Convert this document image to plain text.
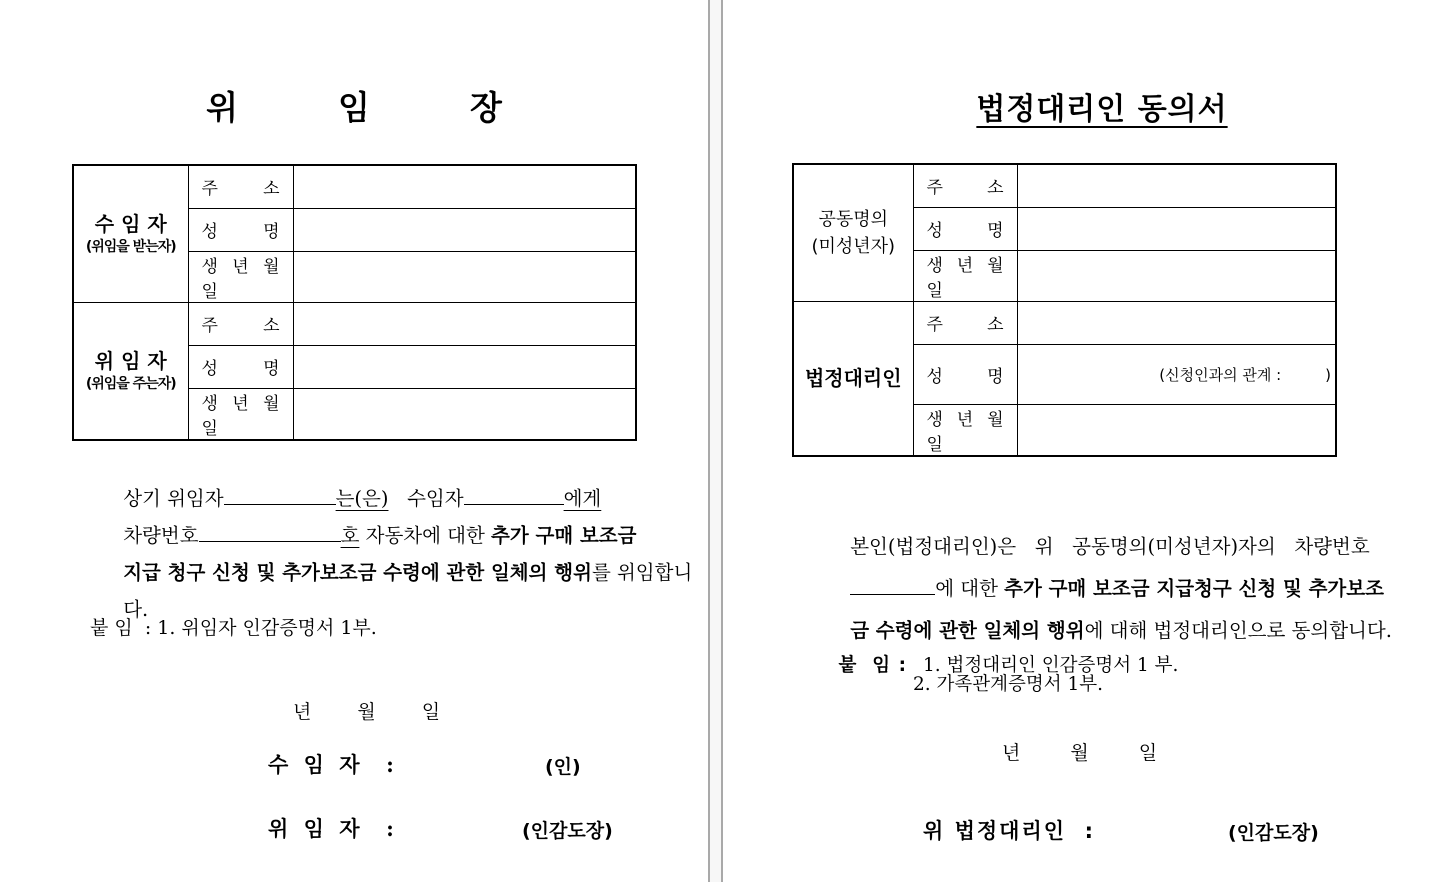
위	임	장
수 임 자
(위임을 받는자)	주 소	
	성 명	
	생 년 월 일	

위 임 자
(위임을 주는자)	주 소	
	성 명	
	생 년 월 일	

상기 위임자	는(은)   수임자	에게

차량번호	호 자동차에 대한 추가 구매 보조금

지급 청구 신청 및 추가보조금 수령에 관한 일체의 행위를 위임합니

다.

붙 임  : 1. 위임자 인감증명서 1부.
년 월 일
수 임 자  :	(인)
위 임 자  :	(인감도장)
법정대리인 동의서
공동명의
(미성년자)	주 소	
	성 명	
	생 년 월 일	

법정대리인	주 소	
	성 명	(신청인과의 관계 : )

	생 년 월 일	

본인(법정대리인)은   위   공동명의(미성년자)자의   차량번호

에 대한 추가 구매 보조금 지급청구 신청 및 추가보조

금 수령에 관한 일체의 행위에 대해 법정대리인으로 동의합니다.

붙  임 : 1. 법정대리인 인감증명서 1 부.

2. 가족관계증명서 1부.
년	월	일
위 법정대리인  :	(인감도장)
